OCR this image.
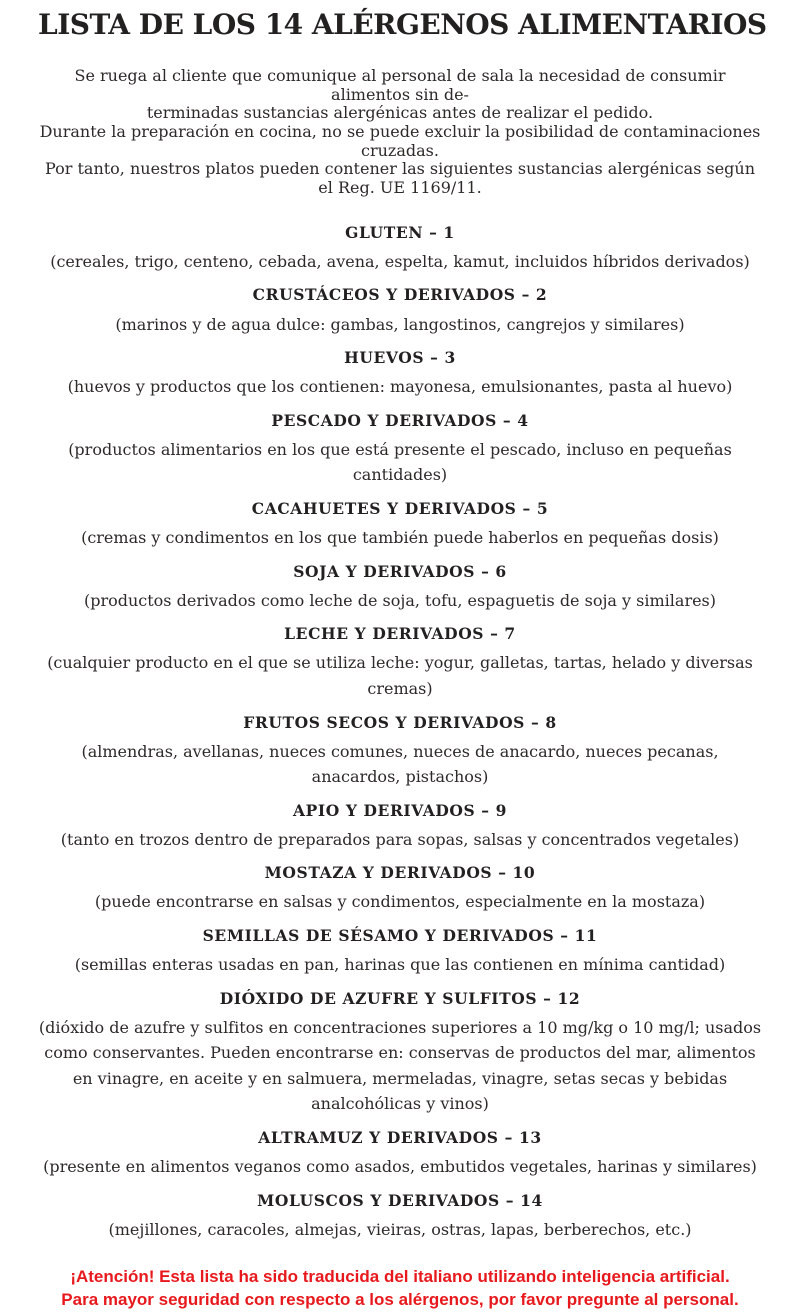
LISTA DE LOS 14 ALÉRGENOS ALIMENTARIOS

Se ruega al cliente que comunique al personal de sala la necesidad de consumir alimentos sin de-
terminadas sustancias alergénicas antes de realizar el pedido.
Durante la preparación en cocina, no se puede excluir la posibilidad de contaminaciones cruzadas.
Por tanto, nuestros platos pueden contener las siguientes sustancias alergénicas según
el Reg. UE 1169/11.

GLUTEN – 1

(cereales, trigo, centeno, cebada, avena, espelta, kamut, incluidos híbridos derivados)

CRUSTÁCEOS Y DERIVADOS – 2

(marinos y de agua dulce: gambas, langostinos, cangrejos y similares)

HUEVOS – 3

(huevos y productos que los contienen: mayonesa, emulsionantes, pasta al huevo)

PESCADO Y DERIVADOS – 4

(productos alimentarios en los que está presente el pescado, incluso en pequeñas cantidades)

CACAHUETES Y DERIVADOS – 5

(cremas y condimentos en los que también puede haberlos en pequeñas dosis)

SOJA Y DERIVADOS – 6

(productos derivados como leche de soja, tofu, espaguetis de soja y similares)

LECHE Y DERIVADOS – 7

(cualquier producto en el que se utiliza leche: yogur, galletas, tartas, helado y diversas cremas)

FRUTOS SECOS Y DERIVADOS – 8

(almendras, avellanas, nueces comunes, nueces de anacardo, nueces pecanas, anacardos, pistachos)

APIO Y DERIVADOS – 9

(tanto en trozos dentro de preparados para sopas, salsas y concentrados vegetales)

MOSTAZA Y DERIVADOS – 10

(puede encontrarse en salsas y condimentos, especialmente en la mostaza)

SEMILLAS DE SÉSAMO Y DERIVADOS – 11

(semillas enteras usadas en pan, harinas que las contienen en mínima cantidad)

DIÓXIDO DE AZUFRE Y SULFITOS – 12

(dióxido de azufre y sulfitos en concentraciones superiores a 10 mg/kg o 10 mg/l; usados como conservantes. Pueden encontrarse en: conservas de productos del mar, alimentos en vinagre, en aceite y en salmuera, mermeladas, vinagre, setas secas y bebidas analcohólicas y vinos)

ALTRAMUZ Y DERIVADOS – 13

(presente en alimentos veganos como asados, embutidos vegetales, harinas y similares)

MOLUSCOS Y DERIVADOS – 14

(mejillones, caracoles, almejas, vieiras, ostras, lapas, berberechos, etc.)

¡Atención! Esta lista ha sido traducida del italiano utilizando inteligencia artificial.
Para mayor seguridad con respecto a los alérgenos, por favor pregunte al personal.
